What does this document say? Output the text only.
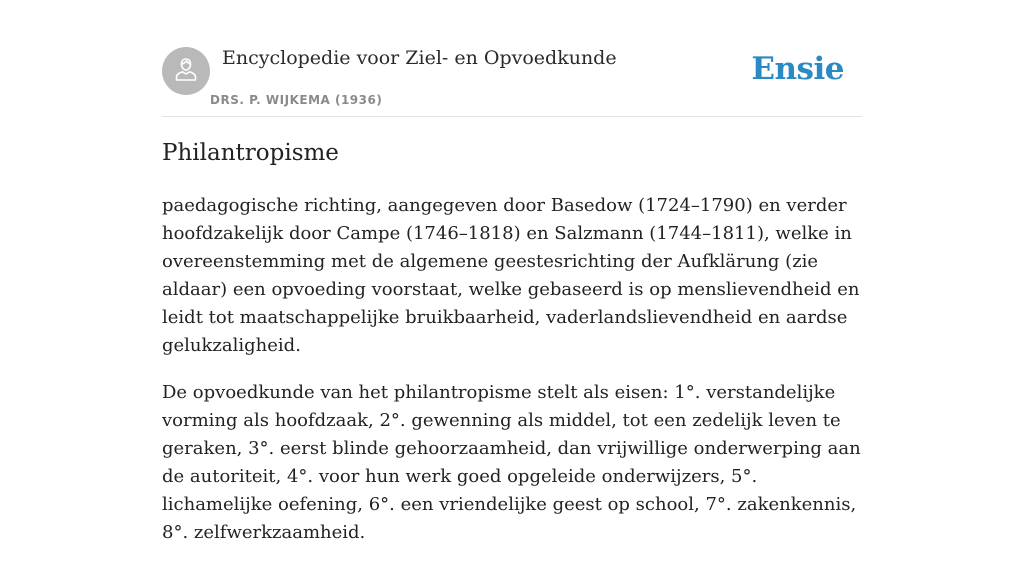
Encyclopedie voor Ziel- en Opvoedkunde
DRS. P. WIJKEMA (1936)
Ensie
Philantropisme

paedagogische richting, aangegeven door Basedow (1724–1790) en verder hoofdzakelijk door Campe (1746–1818) en Salzmann (1744–1811), welke in overeenstemming met de algemene geestesrichting der Aufklärung (zie aldaar) een opvoeding voorstaat, welke gebaseerd is op menslievendheid en leidt tot maatschappelijke bruikbaarheid, vaderlandslievendheid en aardse gelukzaligheid.

De opvoedkunde van het philantropisme stelt als eisen: 1°. verstandelijke vorming als hoofdzaak, 2°. gewenning als middel, tot een zedelijk leven te geraken, 3°. eerst blinde gehoorzaamheid, dan vrijwillige onderwerping aan de autoriteit, 4°. voor hun werk goed opgeleide onderwijzers, 5°. lichamelijke oefening, 6°. een vriendelijke geest op school, 7°. zakenkennis, 8°. zelfwerkzaamheid.
